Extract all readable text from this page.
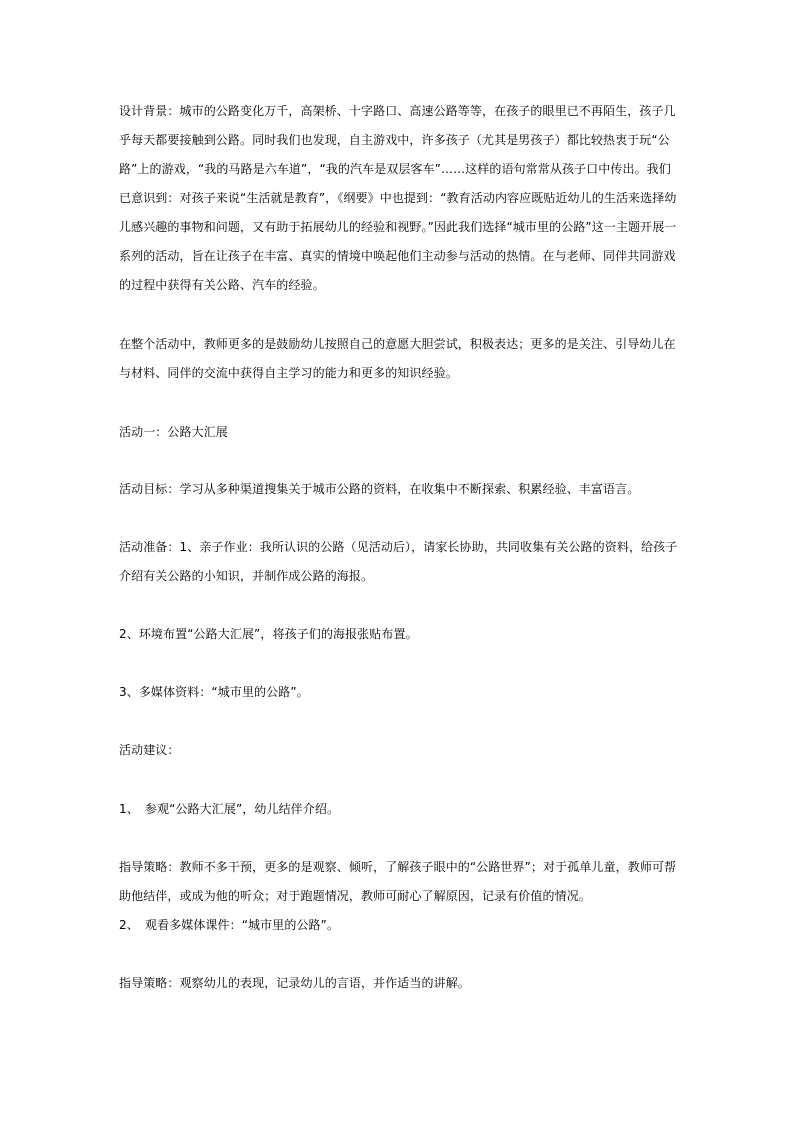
设计背景：城市的公路变化万千，高架桥、十字路口、高速公路等等，在孩子的眼里已不再陌生，孩子几乎每天都要接触到公路。同时我们也发现，自主游戏中，许多孩子（尤其是男孩子）都比较热衷于玩“公路”上的游戏，“我的马路是六车道”，“我的汽车是双层客车”……这样的语句常常从孩子口中传出。我们已意识到：对孩子来说“生活就是教育”，《纲要》中也提到：“教育活动内容应既贴近幼儿的生活来选择幼儿感兴趣的事物和问题，又有助于拓展幼儿的经验和视野。”因此我们选择“城市里的公路”这一主题开展一系列的活动，旨在让孩子在丰富、真实的情境中唤起他们主动参与活动的热情。在与老师、同伴共同游戏的过程中获得有关公路、汽车的经验。

在整个活动中，教师更多的是鼓励幼儿按照自己的意愿大胆尝试，积极表达；更多的是关注、引导幼儿在与材料、同伴的交流中获得自主学习的能力和更多的知识经验。

活动一：公路大汇展

活动目标：学习从多种渠道搜集关于城市公路的资料，在收集中不断探索、积累经验、丰富语言。

活动准备：1、亲子作业：我所认识的公路（见活动后），请家长协助，共同收集有关公路的资料，给孩子介绍有关公路的小知识，并制作成公路的海报。

2、环境布置“公路大汇展”，将孩子们的海报张贴布置。

3、多媒体资料：“城市里的公路”。

活动建议：

1、　参观“公路大汇展”，幼儿结伴介绍。

指导策略：教师不多干预，更多的是观察、倾听，了解孩子眼中的“公路世界”；对于孤单儿童，教师可帮助他结伴，或成为他的听众；对于跑题情况，教师可耐心了解原因，记录有价值的情况。

2、　观看多媒体课件：“城市里的公路”。

指导策略：观察幼儿的表现，记录幼儿的言语，并作适当的讲解。
